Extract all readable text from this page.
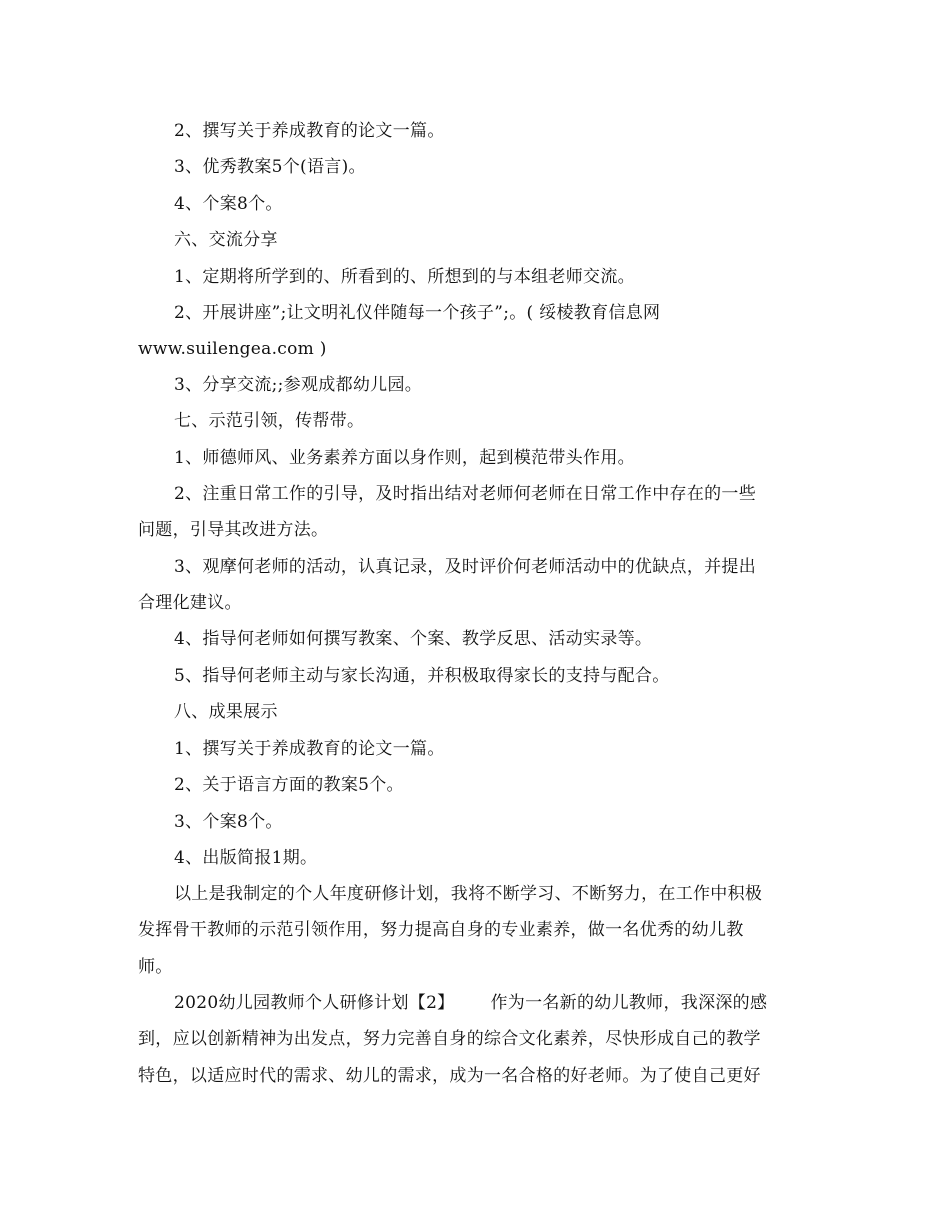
2、撰写关于养成教育的论文一篇。
3、优秀教案5个(语言)。
4、个案8个。
六、交流分享
1、定期将所学到的、所看到的、所想到的与本组老师交流。
2、开展讲座”;让文明礼仪伴随每一个孩子”;。( 绥棱教育信息网
www.suilengea.com )
3、分享交流;;参观成都幼儿园。
七、示范引领，传帮带。
1、师德师风、业务素养方面以身作则，起到模范带头作用。
2、注重日常工作的引导，及时指出结对老师何老师在日常工作中存在的一些
问题，引导其改进方法。
3、观摩何老师的活动，认真记录，及时评价何老师活动中的优缺点，并提出
合理化建议。
4、指导何老师如何撰写教案、个案、教学反思、活动实录等。
5、指导何老师主动与家长沟通，并积极取得家长的支持与配合。
八、成果展示
1、撰写关于养成教育的论文一篇。
2、关于语言方面的教案5个。
3、个案8个。
4、出版简报1期。
以上是我制定的个人年度研修计划，我将不断学习、不断努力，在工作中积极
发挥骨干教师的示范引领作用，努力提高自身的专业素养，做一名优秀的幼儿教
师。
2020幼儿园教师个人研修计划【2】 作为一名新的幼儿教师，我深深的感
到，应以创新精神为出发点，努力完善自身的综合文化素养，尽快形成自己的教学
特色，以适应时代的需求、幼儿的需求，成为一名合格的好老师。为了使自己更好
